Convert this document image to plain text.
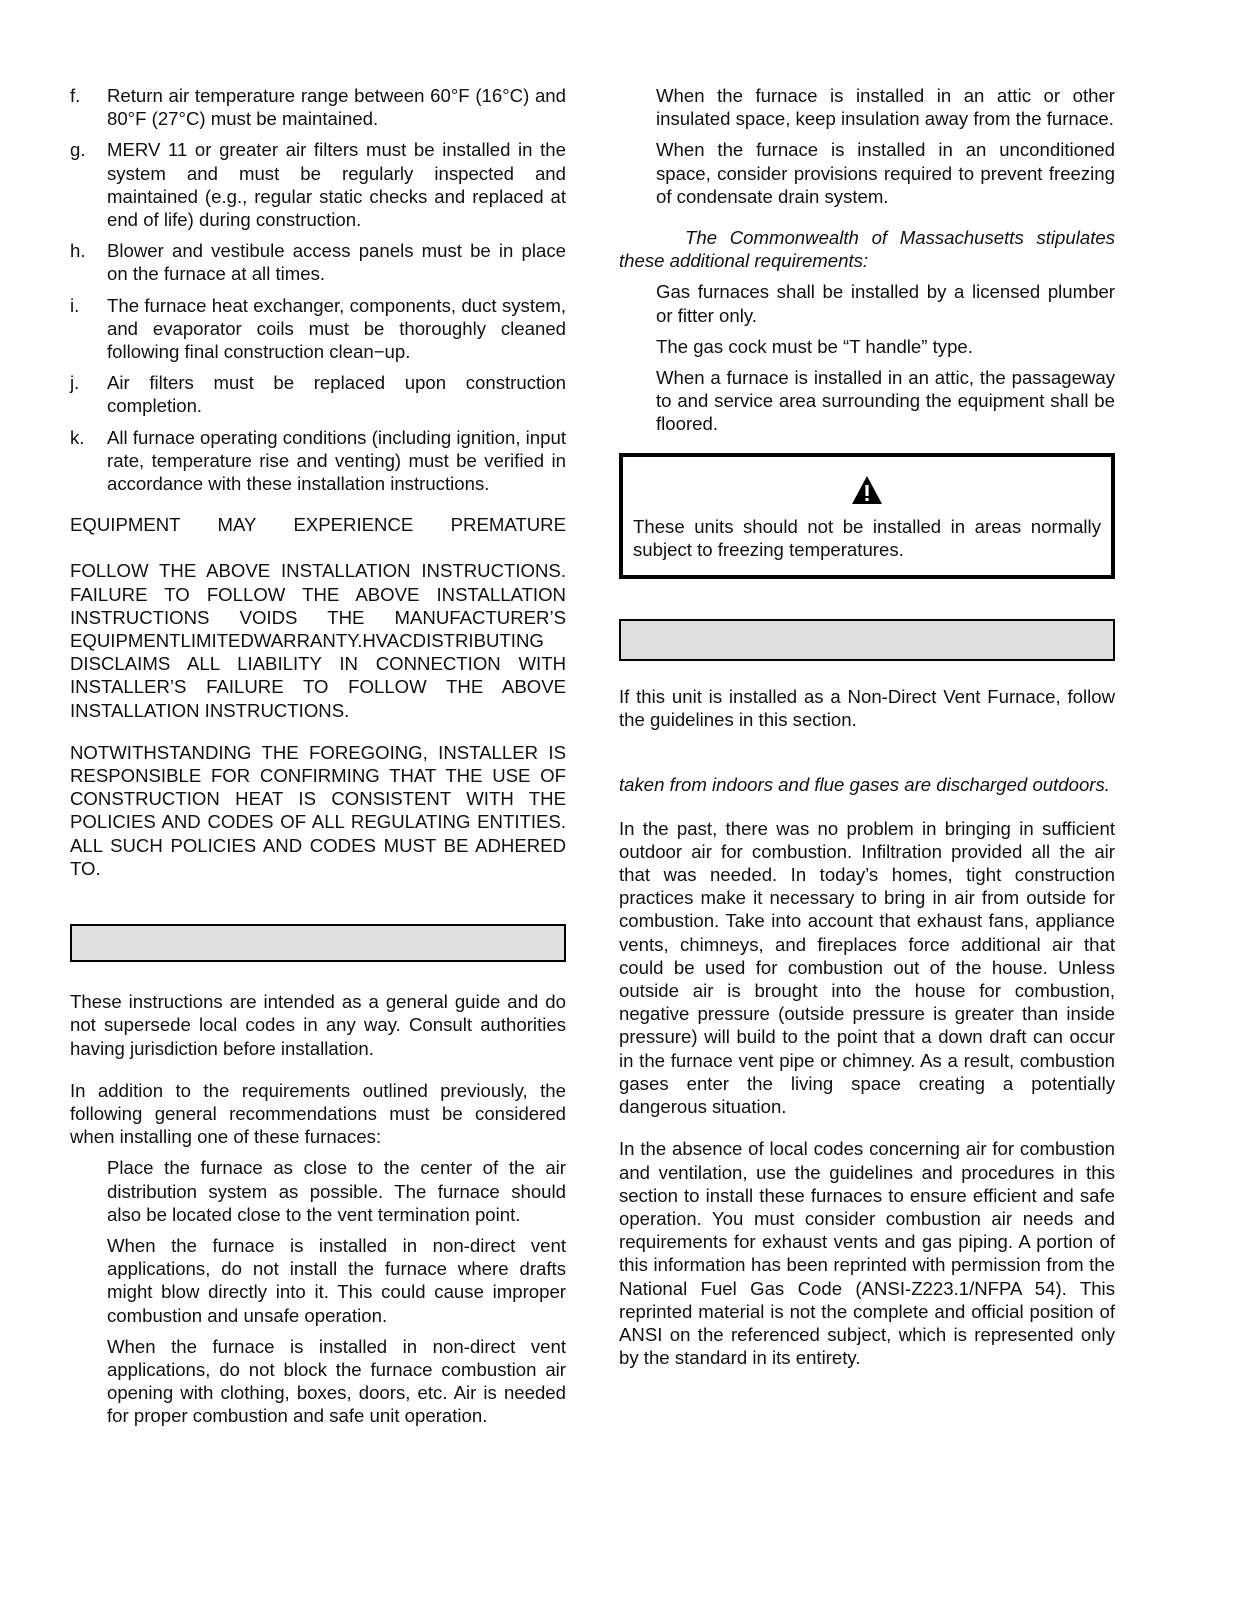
f. Return air temperature range between 60°F (16°C) and 80°F (27°C) must be maintained.
g. MERV 11 or greater air filters must be installed in the system and must be regularly inspected and maintained (e.g., regular static checks and replaced at end of life) during construction.
h. Blower and vestibule access panels must be in place on the furnace at all times.
i. The furnace heat exchanger, components, duct system, and evaporator coils must be thoroughly cleaned following final construction clean−up.
j. Air filters must be replaced upon construction completion.
k. All furnace operating conditions (including ignition, input rate, temperature rise and venting) must be verified in accordance with these installation instructions.

EQUIPMENT MAY EXPERIENCE PREMATURE

FOLLOW THE ABOVE INSTALLATION INSTRUCTIONS. FAILURE TO FOLLOW THE ABOVE INSTALLATION INSTRUCTIONS VOIDS THE MANUFACTURER’S EQUIPMENTLIMITEDWARRANTY.HVACDISTRIBUTING DISCLAIMS ALL LIABILITY IN CONNECTION WITH INSTALLER’S FAILURE TO FOLLOW THE ABOVE INSTALLATION INSTRUCTIONS.

NOTWITHSTANDING THE FOREGOING, INSTALLER IS RESPONSIBLE FOR CONFIRMING THAT THE USE OF CONSTRUCTION HEAT IS CONSISTENT WITH THE POLICIES AND CODES OF ALL REGULATING ENTITIES. ALL SUCH POLICIES AND CODES MUST BE ADHERED TO.

These instructions are intended as a general guide and do not supersede local codes in any way. Consult authorities having jurisdiction before installation.

In addition to the requirements outlined previously, the following general recommendations must be considered when installing one of these furnaces:

Place the furnace as close to the center of the air distribution system as possible. The furnace should also be located close to the vent termination point.
When the furnace is installed in non-direct vent applications, do not install the furnace where drafts might blow directly into it. This could cause improper combustion and unsafe operation.
When the furnace is installed in non-direct vent applications, do not block the furnace combustion air opening with clothing, boxes, doors, etc. Air is needed for proper combustion and safe unit operation.
When the furnace is installed in an attic or other insulated space, keep insulation away from the furnace.
When the furnace is installed in an unconditioned space, consider provisions required to prevent freezing of condensate drain system.

The Commonwealth of Massachusetts stipulates these additional requirements:

Gas furnaces shall be installed by a licensed plumber or fitter only.
The gas cock must be “T handle” type.
When a furnace is installed in an attic, the passageway to and service area surrounding the equipment shall be floored.

These units should not be installed in areas normally subject to freezing temperatures.

If this unit is installed as a Non-Direct Vent Furnace, follow the guidelines in this section.

taken from indoors and flue gases are discharged outdoors.

In the past, there was no problem in bringing in sufficient outdoor air for combustion. Infiltration provided all the air that was needed. In today’s homes, tight construction practices make it necessary to bring in air from outside for combustion. Take into account that exhaust fans, appliance vents, chimneys, and fireplaces force additional air that could be used for combustion out of the house. Unless outside air is brought into the house for combustion, negative pressure (outside pressure is greater than inside pressure) will build to the point that a down draft can occur in the furnace vent pipe or chimney. As a result, combustion gases enter the living space creating a potentially dangerous situation.

In the absence of local codes concerning air for combustion and ventilation, use the guidelines and procedures in this section to install these furnaces to ensure efficient and safe operation. You must consider combustion air needs and requirements for exhaust vents and gas piping. A portion of this information has been reprinted with permission from the National Fuel Gas Code (ANSI-Z223.1/NFPA 54). This reprinted material is not the complete and official position of ANSI on the referenced subject, which is represented only by the standard in its entirety.
